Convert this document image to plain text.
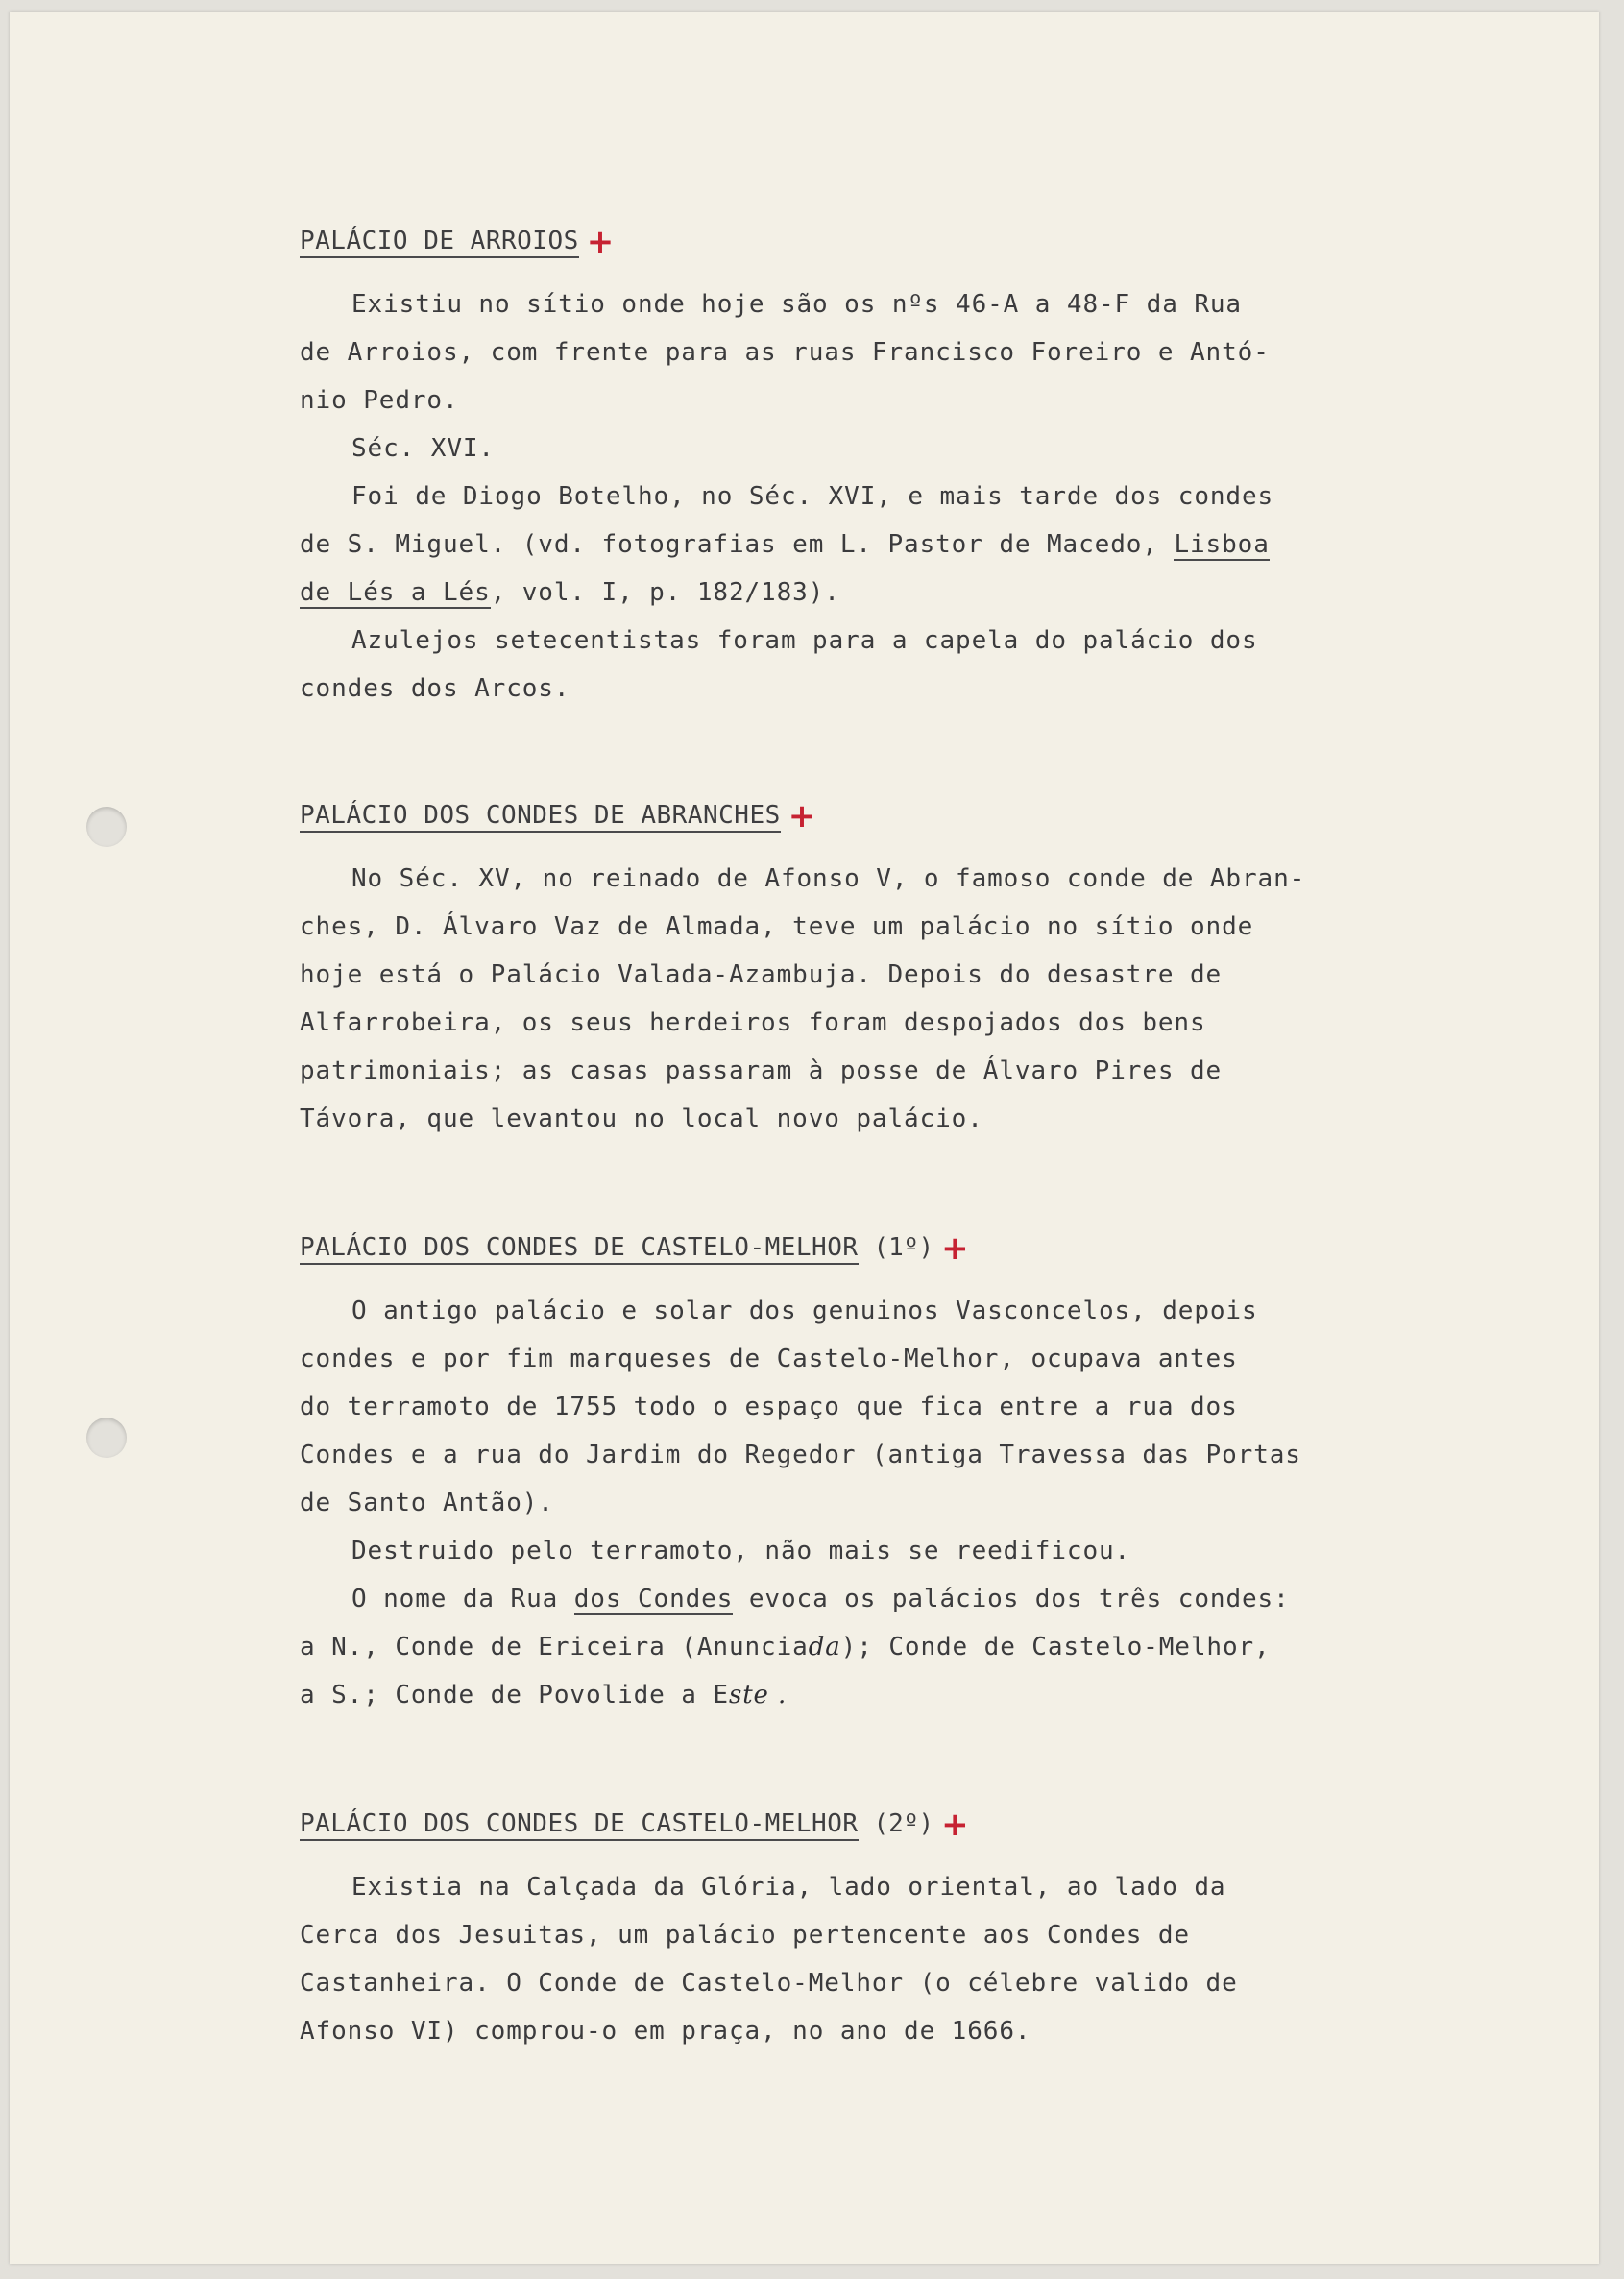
PALÁCIO DE ARROIOS +
Existiu no sítio onde hoje são os nºs 46-A a 48-F da Rua
de Arroios, com frente para as ruas Francisco Foreiro e Antó-
nio Pedro.
Séc. XVI.
Foi de Diogo Botelho, no Séc. XVI, e mais tarde dos condes
de S. Miguel. (vd. fotografias em L. Pastor de Macedo, Lisboa
de Lés a Lés, vol. I, p. 182/183).
Azulejos setecentistas foram para a capela do palácio dos
condes dos Arcos.
PALÁCIO DOS CONDES DE ABRANCHES +
No Séc. XV, no reinado de Afonso V, o famoso conde de Abran-
ches, D. Álvaro Vaz de Almada, teve um palácio no sítio onde
hoje está o Palácio Valada-Azambuja. Depois do desastre de
Alfarrobeira, os seus herdeiros foram despojados dos bens
patrimoniais; as casas passaram à posse de Álvaro Pires de
Távora, que levantou no local novo palácio.
PALÁCIO DOS CONDES DE CASTELO-MELHOR (1º) +
O antigo palácio e solar dos genuinos Vasconcelos, depois
condes e por fim marqueses de Castelo-Melhor, ocupava antes
do terramoto de 1755 todo o espaço que fica entre a rua dos
Condes e a rua do Jardim do Regedor (antiga Travessa das Portas
de Santo Antão).
Destruido pelo terramoto, não mais se reedificou.
O nome da Rua dos Condes evoca os palácios dos três condes:
a N., Conde de Ericeira (Anunciada); Conde de Castelo-Melhor,
a S.; Conde de Povolide a Este .
PALÁCIO DOS CONDES DE CASTELO-MELHOR (2º) +
Existia na Calçada da Glória, lado oriental, ao lado da
Cerca dos Jesuitas, um palácio pertencente aos Condes de
Castanheira. O Conde de Castelo-Melhor (o célebre valido de
Afonso VI) comprou-o em praça, no ano de 1666.
